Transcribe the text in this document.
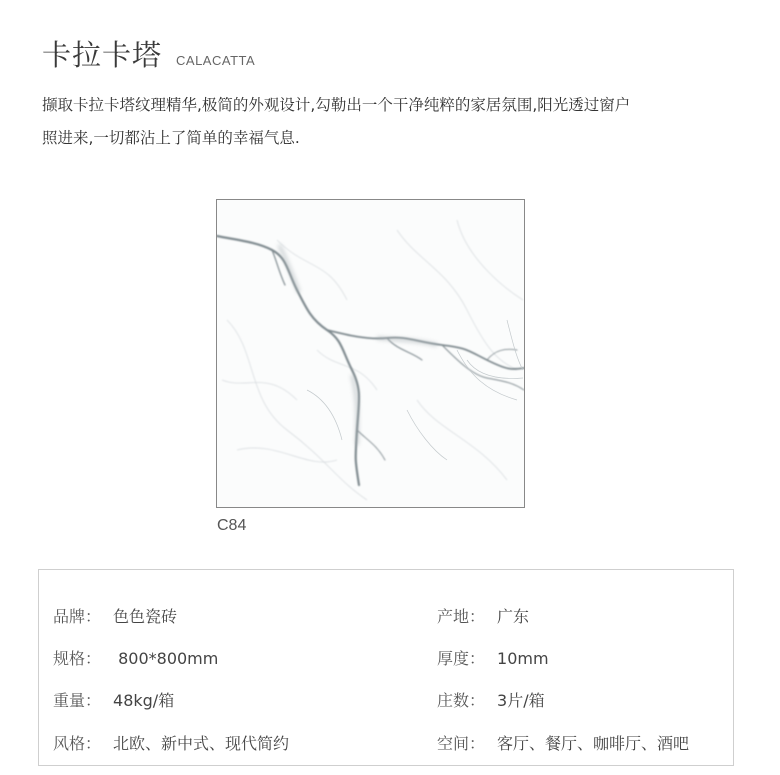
卡拉卡塔 CALACATTA
撷取卡拉卡塔纹理精华,极简的外观设计,勾勒出一个干净纯粹的家居氛围,阳光透过窗户
照进来,一切都沾上了简单的幸福气息.
C84
品牌： 色色瓷砖	产地： 广东
规格： 800*800mm	厚度： 10mm
重量： 48kg/箱	庄数： 3片/箱
风格： 北欧、新中式、现代简约	空间： 客厅、餐厅、咖啡厅、酒吧
